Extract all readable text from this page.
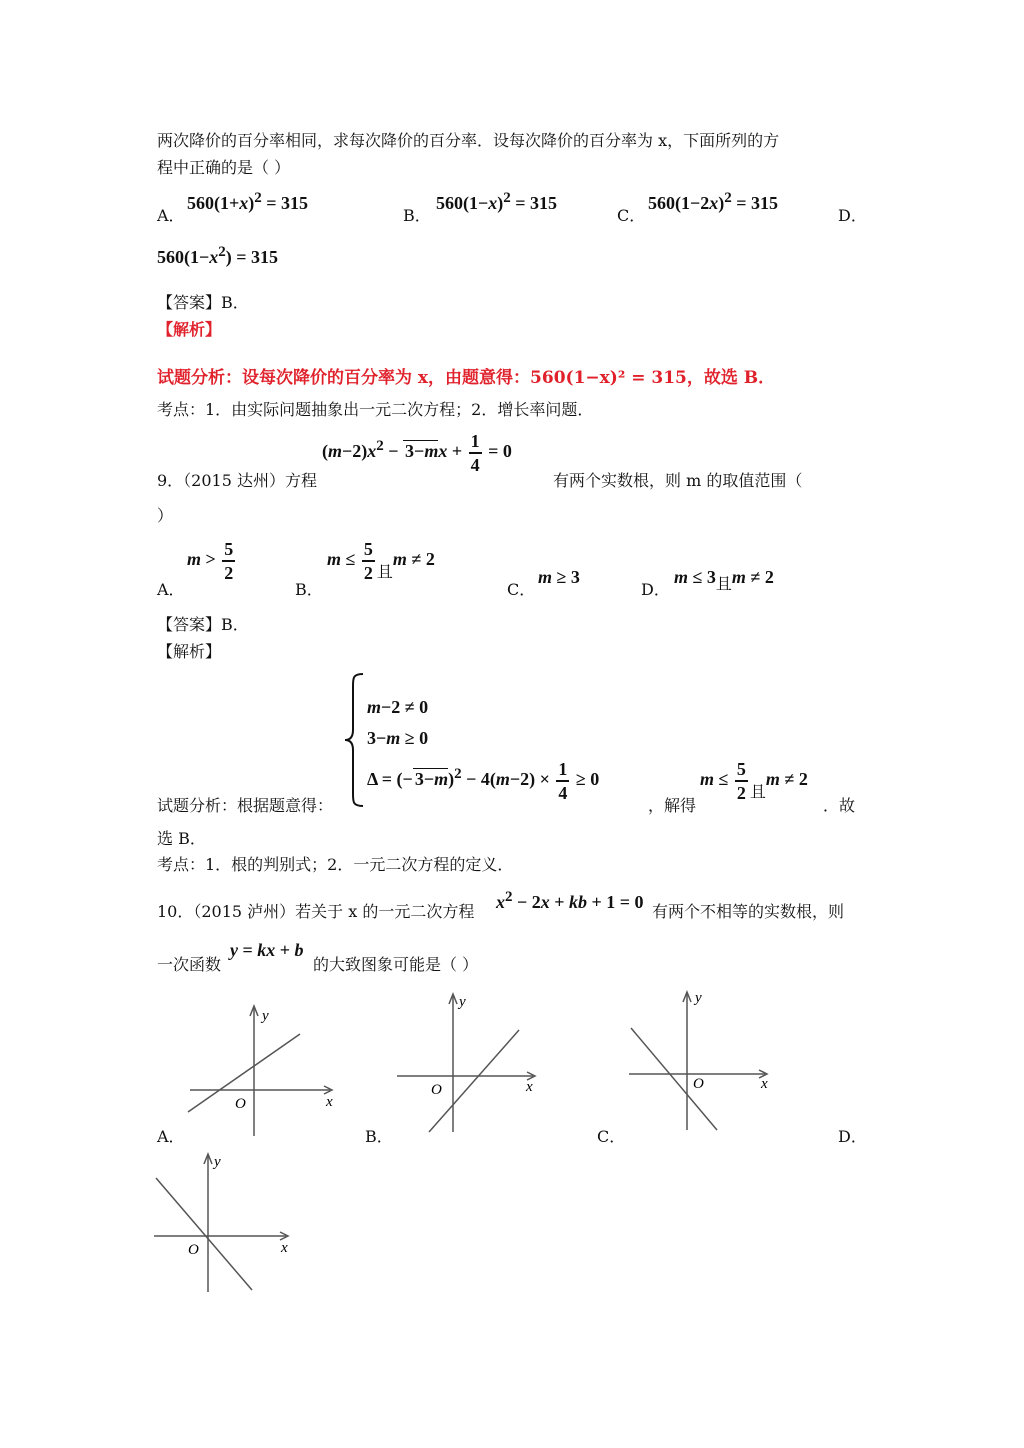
两次降价的百分率相同，求每次降价的百分率．设每次降价的百分率为 x，下面所列的方
程中正确的是（ ）
A．
$560(1+x)^2 = 315$
B．
$560(1-x)^2 = 315$
C．
$560(1-2x)^2 = 315$
D．
$560(1-x^2) = 315$
【答案】B．
【解析】
试题分析：设每次降价的百分率为 x，由题意得：560(1−x)² = 315，故选 B．
考点：1．由实际问题抽象出一元二次方程；2．增长率问题．
$(m-2)x^2 - 3-mx + \frac{1}{4} = 0$
9．（2015 达州）方程	有两个实数根，则 m 的取值范围（
）
A．
$m > \frac{5}{2}$
B．
$m \le \frac{5}{2}$ 且m ≠ 2
C．
m ≥ 3
D．
m ≤ 3且m ≠ 2
【答案】B．
【解析】
m−2 ≠ 0
3−m ≥ 0
Δ = (− $3-m)^2 - 4(m-2) \times \frac{1}{4} \ge 0$
试题分析：根据题意得：	，解得
$m \le \frac{5}{2}$ 且m ≠ 2
．故
选 B．
考点：1．根的判别式；2．一元二次方程的定义．
10．（2015 泸州）若关于 x 的一元二次方程 $x^2 - 2x$ + kb + 1 = 0 有两个不相等的实数根，则
一次函数
y = kx + b
的大致图象可能是（ ）
x
y
O
A．
x
y
O
B．
x
y
O
C．	D．
x
y
O
